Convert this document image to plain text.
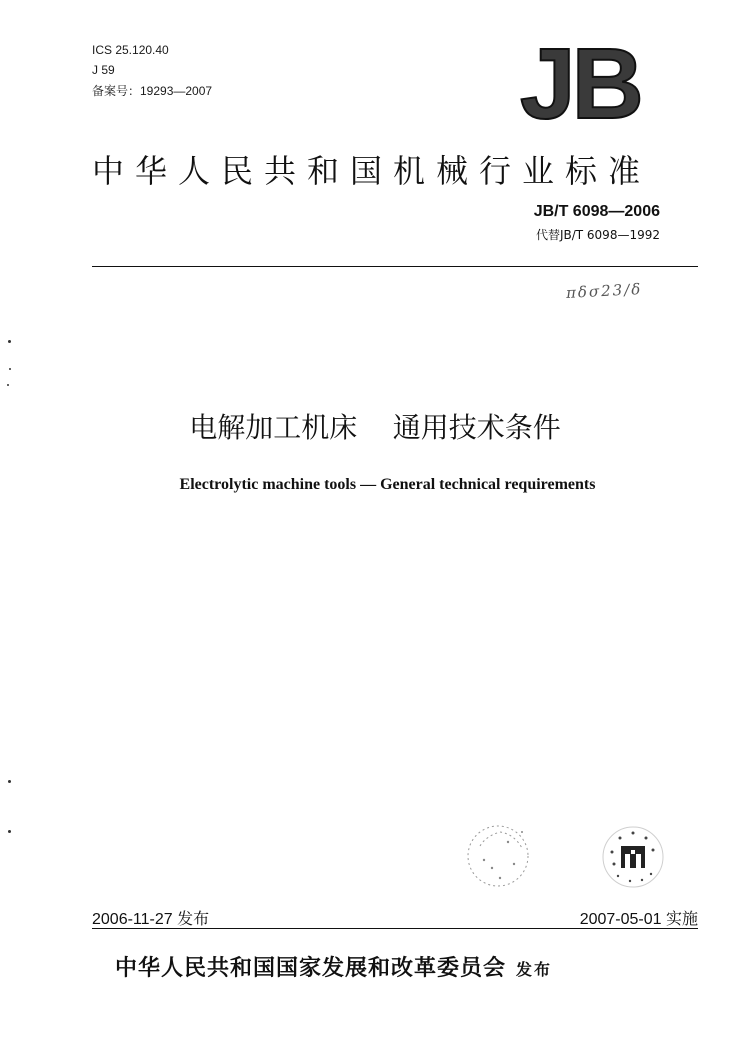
ICS 25.120.40
J 59
备案号：19293—2007	JB
中华人民共和国机械行业标准
JB/T 6098—2006
代替JB/T 6098—1992
πδσ23/δ
电解加工机床    通用技术条件
Electrolytic machine tools — General technical requirements
2006-11-27 发布	2007-05-01 实施
中华人民共和国国家发展和改革委员会 发布
